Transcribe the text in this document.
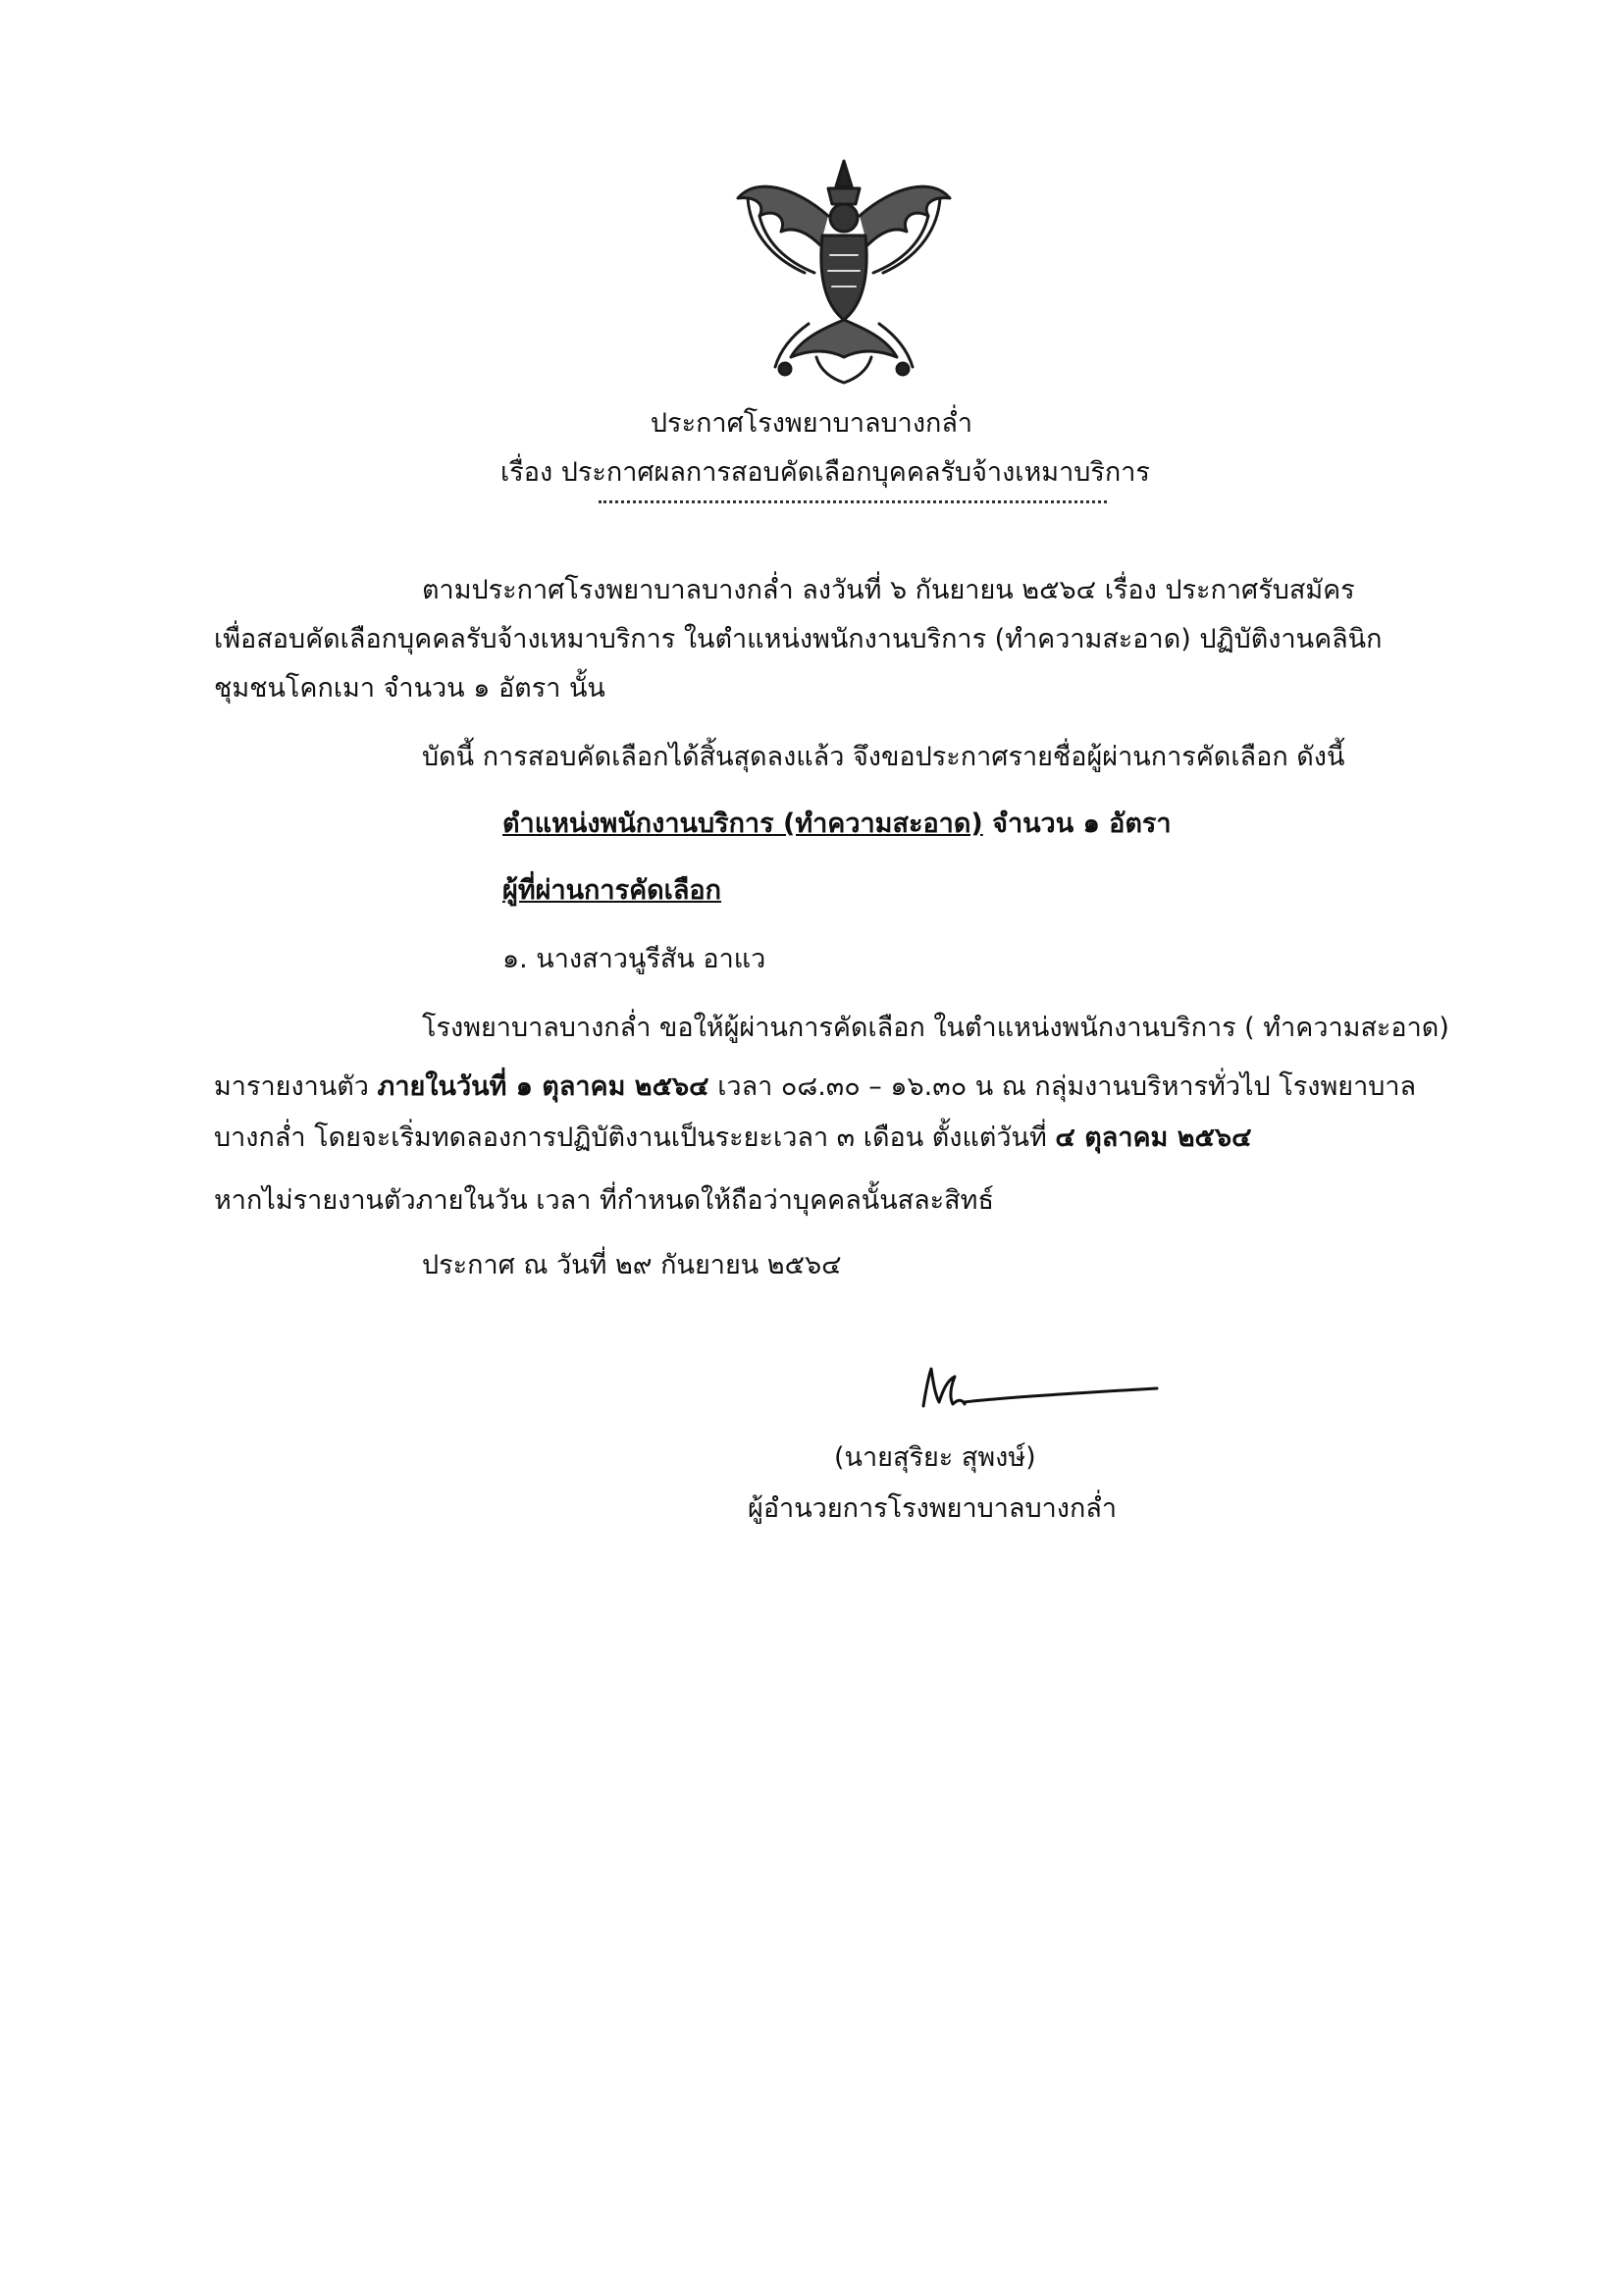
ประกาศโรงพยาบาลบางกล่ำ
เรื่อง ประกาศผลการสอบคัดเลือกบุคคลรับจ้างเหมาบริการ
ตามประกาศโรงพยาบาลบางกล่ำ ลงวันที่ ๖ กันยายน ๒๕๖๔ เรื่อง ประกาศรับสมัคร
เพื่อสอบคัดเลือกบุคคลรับจ้างเหมาบริการ ในตำแหน่งพนักงานบริการ (ทำความสะอาด) ปฏิบัติงานคลินิก
ชุมชนโคกเมา จำนวน ๑ อัตรา นั้น
บัดนี้ การสอบคัดเลือกได้สิ้นสุดลงแล้ว จึงขอประกาศรายชื่อผู้ผ่านการคัดเลือก ดังนี้
ตำแหน่งพนักงานบริการ (ทำความสะอาด) จำนวน ๑ อัตรา
ผู้ที่ผ่านการคัดเลือก
๑. นางสาวนูรีสัน อาแว
โรงพยาบาลบางกล่ำ ขอให้ผู้ผ่านการคัดเลือก ในตำแหน่งพนักงานบริการ ( ทำความสะอาด)
มารายงานตัว ภายในวันที่ ๑ ตุลาคม ๒๕๖๔ เวลา ๐๘.๓๐ – ๑๖.๓๐ น ณ กลุ่มงานบริหารทั่วไป โรงพยาบาล
บางกล่ำ โดยจะเริ่มทดลองการปฏิบัติงานเป็นระยะเวลา ๓ เดือน ตั้งแต่วันที่ ๔ ตุลาคม ๒๕๖๔
หากไม่รายงานตัวภายในวัน เวลา ที่กำหนดให้ถือว่าบุคคลนั้นสละสิทธ์
ประกาศ ณ วันที่ ๒๙ กันยายน ๒๕๖๔
(นายสุริยะ สุพงษ์)
ผู้อำนวยการโรงพยาบาลบางกล่ำ
